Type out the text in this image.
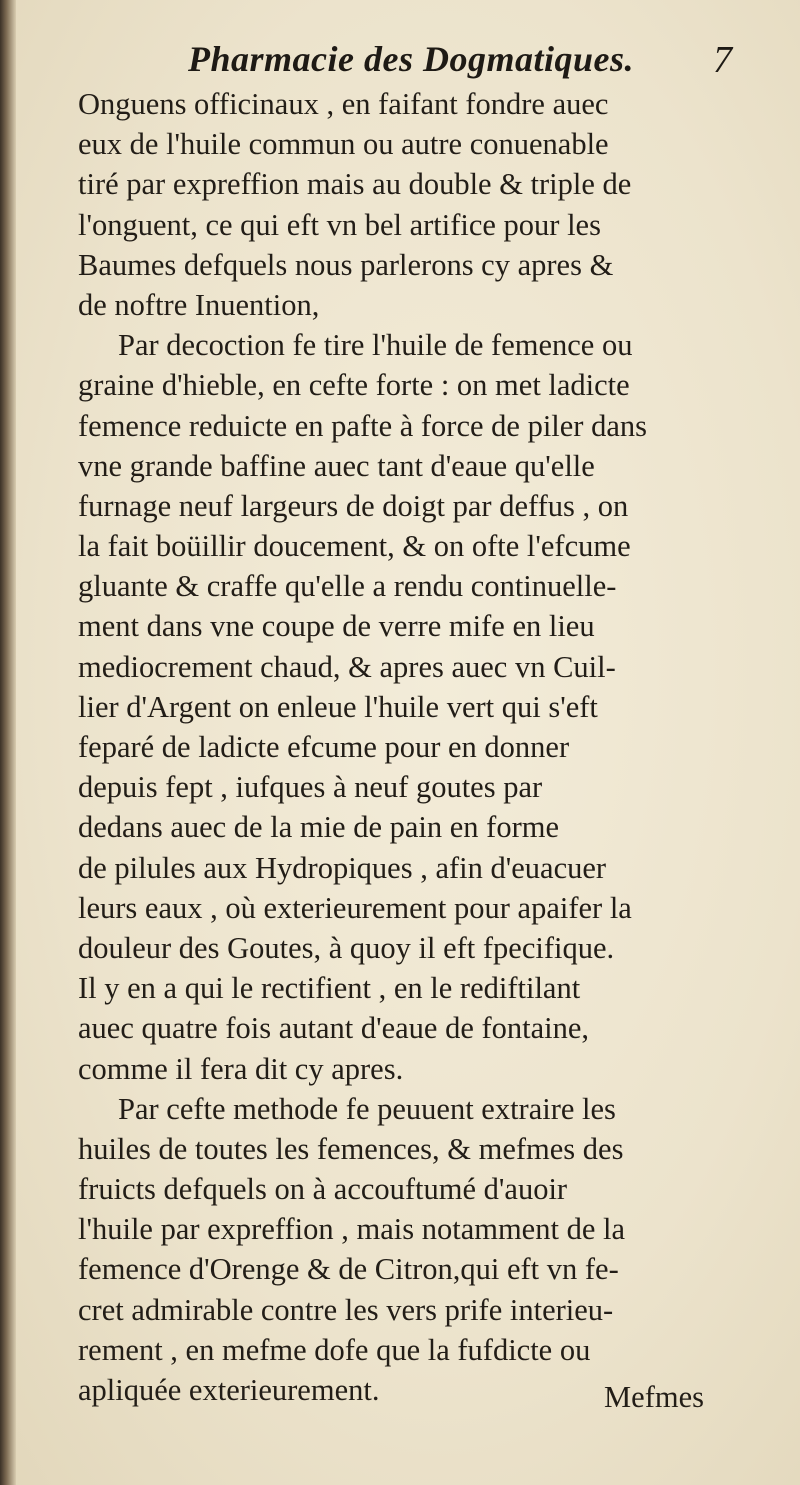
Pharmacie des Dogmatiques. 7
Onguens officinaux , en faifant fondre auec
eux de l'huile commun ou autre conuenable
tiré par expreffion mais au double & triple de
l'onguent, ce qui eft vn bel artifice pour les
Baumes defquels nous parlerons cy apres &
de noftre Inuention,
Par decoction fe tire l'huile de femence ou
graine d'hieble, en cefte forte : on met ladicte
femence reduicte en pafte à force de piler dans
vne grande baffine auec tant d'eaue qu'elle
furnage neuf largeurs de doigt par deffus , on
la fait boüillir doucement, & on ofte l'efcume
gluante & craffe qu'elle a rendu continuelle-
ment dans vne coupe de verre mife en lieu
mediocrement chaud, & apres auec vn Cuil-
lier d'Argent on enleue l'huile vert qui s'eft
feparé de ladicte efcume pour en donner
depuis fept , iufques à neuf goutes par
dedans auec de la mie de pain en forme
de pilules aux Hydropiques , afin d'euacuer
leurs eaux , où exterieurement pour apaifer la
douleur des Goutes, à quoy il eft fpecifique.
Il y en a qui le rectifient , en le rediftilant
auec quatre fois autant d'eaue de fontaine,
comme il fera dit cy apres.
Par cefte methode fe peuuent extraire les
huiles de toutes les femences, & mefmes des
fruicts defquels on à accouftumé d'auoir
l'huile par expreffion , mais notamment de la
femence d'Orenge & de Citron,qui eft vn fe-
cret admirable contre les vers prife interieu-
rement , en mefme dofe que la fufdicte ou
apliquée exterieurement.	Mefmes
